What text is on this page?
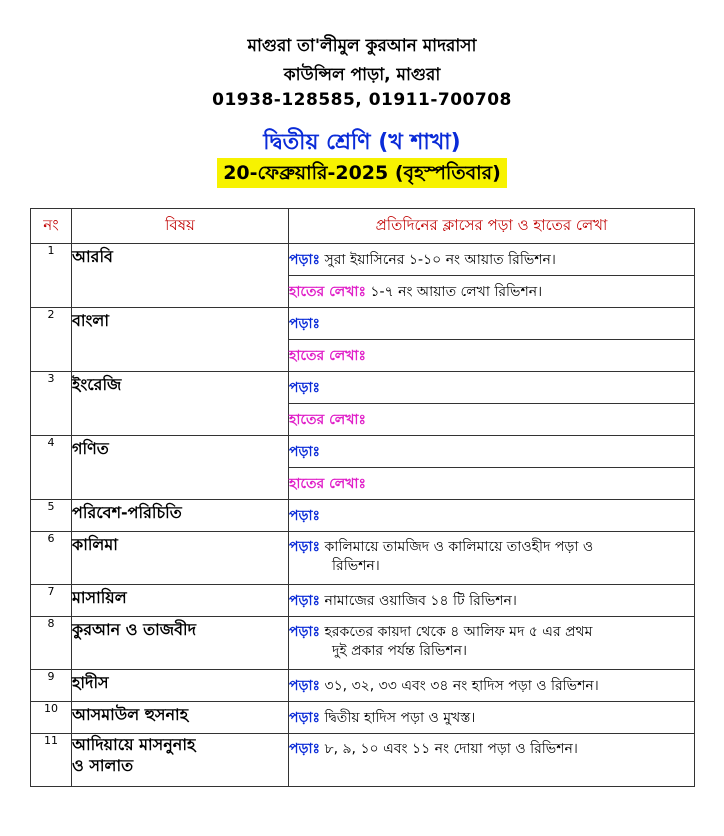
মাগুরা তা'লীমুল কুরআন মাদরাসা
কাউন্সিল পাড়া, মাগুরা
01938-128585, 01911-700708
দ্বিতীয় শ্রেণি (খ শাখা)
20-ফেব্রুয়ারি-2025 (বৃহস্পতিবার)
নং	বিষয়	প্রতিদিনের ক্লাসের পড়া ও হাতের লেখা
1	আরবি	পড়াঃ সুরা ইয়াসিনের ১-১০ নং আয়াত রিভিশন।
		হাতের লেখাঃ ১-৭ নং আয়াত লেখা রিভিশন।
2	বাংলা	পড়াঃ
		হাতের লেখাঃ
3	ইংরেজি	পড়াঃ
		হাতের লেখাঃ
4	গণিত	পড়াঃ
		হাতের লেখাঃ
5	পরিবেশ-পরিচিতি	পড়াঃ
6	কালিমা	পড়াঃ কালিমায়ে তামজিদ ও কালিমায়ে তাওহীদ পড়া ও
রিভিশন।

7	মাসায়িল	পড়াঃ নামাজের ওয়াজিব ১৪ টি রিভিশন।
8	কুরআন ও তাজবীদ	পড়াঃ হরকতের কায়দা থেকে ৪ আলিফ মদ ৫ এর প্রথম
দুই প্রকার পর্যন্ত রিভিশন।

9	হাদীস	পড়াঃ ৩১, ৩২, ৩৩ এবং ৩৪ নং হাদিস পড়া ও রিভিশন।
10	আসমাউল হুসনাহ	পড়াঃ দ্বিতীয় হাদিস পড়া ও মুখস্ত।
11	আদিয়ায়ে মাসনুনাহ
ও সালাত	পড়াঃ ৮, ৯, ১০ এবং ১১ নং দোয়া পড়া ও রিভিশন।
